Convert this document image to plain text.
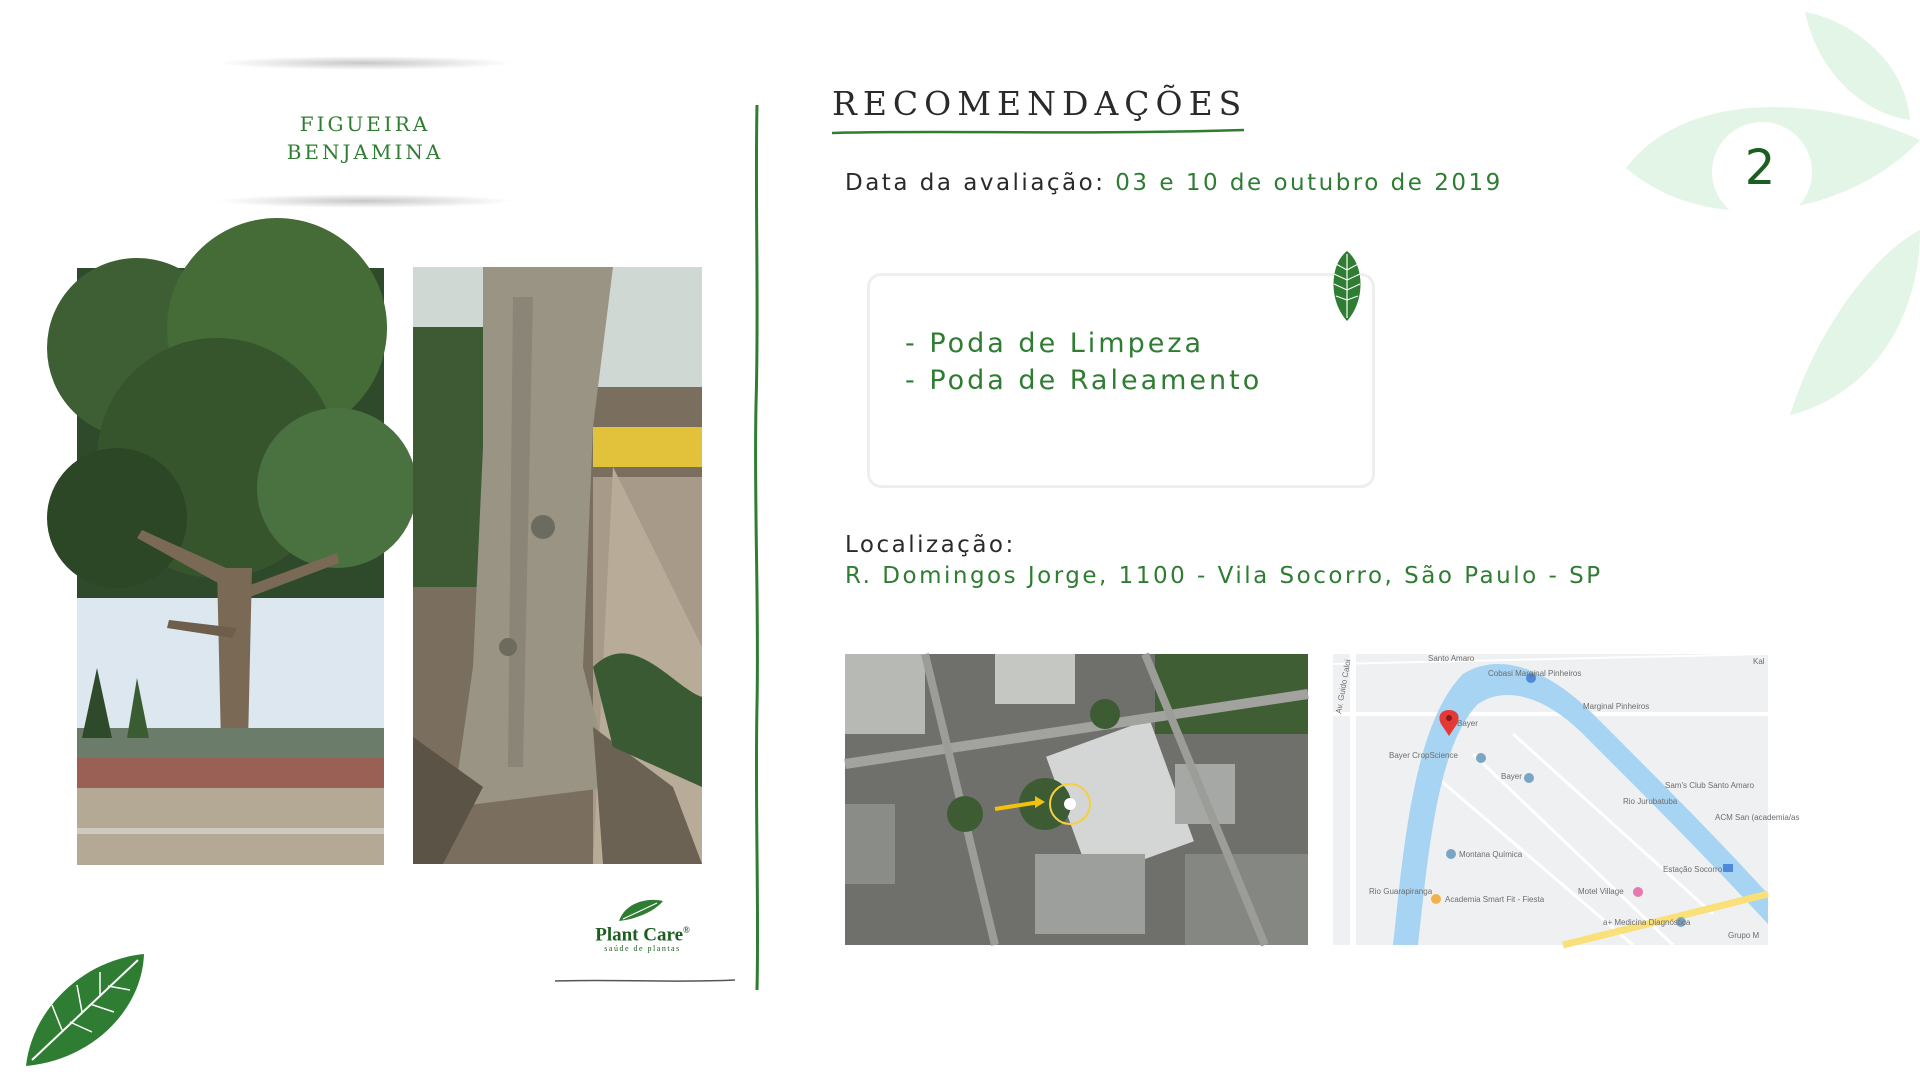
2
FIGUEIRA
BENJAMINA
Plant Care®
saúde de plantas
RECOMENDAÇÕES
Data da avaliação: 03 e 10 de outubro de 2019
- Poda de Limpeza
- Poda de Raleamento
Localização:
R. Domingos Jorge, 1100 - Vila Socorro, São Paulo - SP
Santo Amaro
Cobasi Marginal Pinheiros
Bayer
Bayer CropScience
Bayer
Marginal Pinheiros
Sam's Club Santo Amaro
ACM San (academia/as
Rio Jurubatuba
Rio Guarapiranga
Montana Química
Estação Socorro
Motel Village
Academia Smart Fit - Fiesta
a+ Medicina Diagnóstica
Grupo M
Av. Guido Caloi	Kal
